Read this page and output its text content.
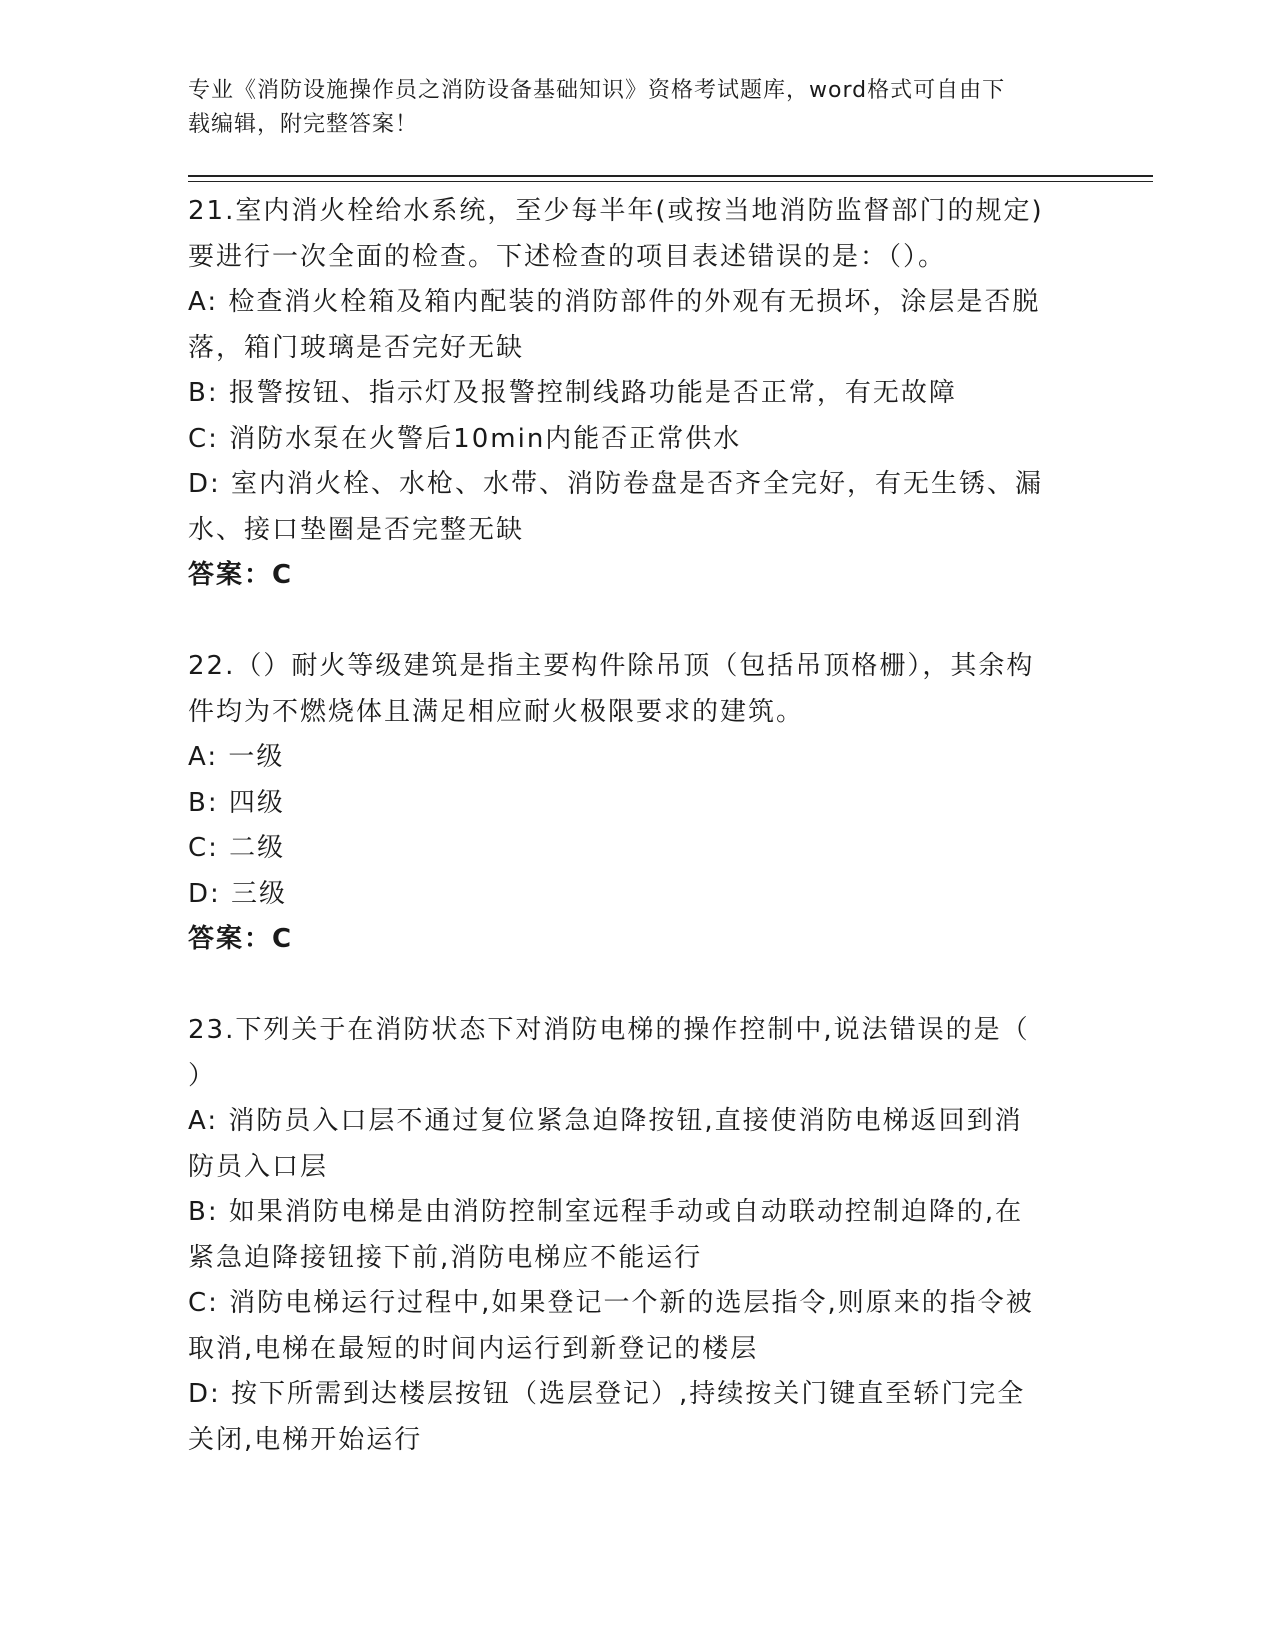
专业《消防设施操作员之消防设备基础知识》资格考试题库，word格式可自由下
载编辑，附完整答案！
21.室内消火栓给水系统，至少每半年(或按当地消防监督部门的规定)
要进行一次全面的检查。下述检查的项目表述错误的是：（）。
A: 检查消火栓箱及箱内配装的消防部件的外观有无损坏，涂层是否脱
落，箱门玻璃是否完好无缺
B: 报警按钮、指示灯及报警控制线路功能是否正常，有无故障
C: 消防水泵在火警后10min内能否正常供水
D: 室内消火栓、水枪、水带、消防卷盘是否齐全完好，有无生锈、漏
水、接口垫圈是否完整无缺
答案：C
22.（）耐火等级建筑是指主要构件除吊顶（包括吊顶格栅），其余构
件均为不燃烧体且满足相应耐火极限要求的建筑。
A: 一级
B: 四级
C: 二级
D: 三级
答案：C
23.下列关于在消防状态下对消防电梯的操作控制中,说法错误的是（
）
A: 消防员入口层不通过复位紧急迫降按钮,直接使消防电梯返回到消
防员入口层
B: 如果消防电梯是由消防控制室远程手动或自动联动控制迫降的,在
紧急迫降接钮接下前,消防电梯应不能运行
C: 消防电梯运行过程中,如果登记一个新的选层指令,则原来的指令被
取消,电梯在最短的时间内运行到新登记的楼层
D: 按下所需到达楼层按钮（选层登记）,持续按关门键直至轿门完全
关闭,电梯开始运行
